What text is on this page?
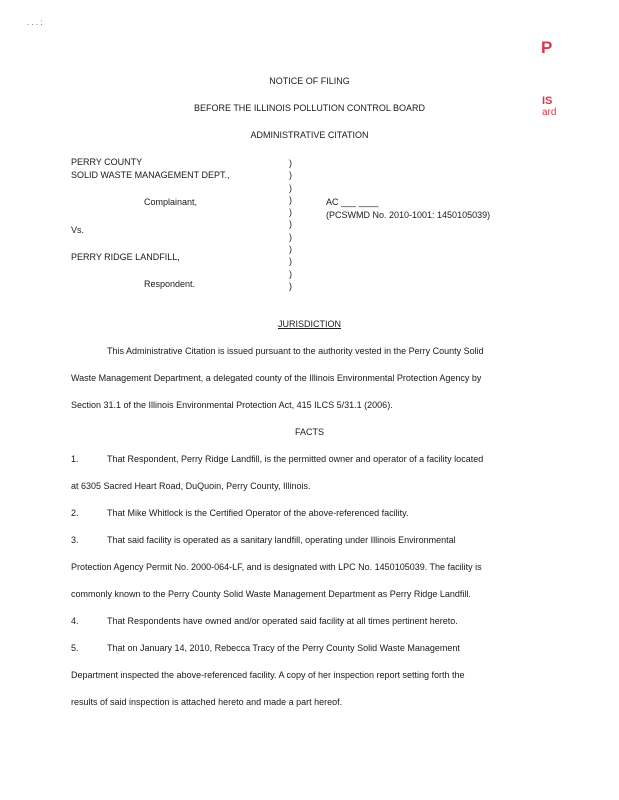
. . . :
P
IS
ard
NOTICE OF FILING
BEFORE THE ILLINOIS POLLUTION CONTROL BOARD
ADMINISTRATIVE CITATION
PERRY COUNTY
SOLID WASTE MANAGEMENT DEPT.,
Complainant,
Vs.
PERRY RIDGE LANDFILL,
Respondent.
)
)
)
)
)
)
)
)
)
)
)
AC ___ ____
(PCSWMD No. 2010-1001: 1450105039)
JURISDICTION
This Administrative Citation is issued pursuant to the authority vested in the Perry County Solid
Waste Management Department, a delegated county of the Illinois Environmental Protection Agency by
Section 31.1 of the Illinois Environmental Protection Act, 415 ILCS 5/31.1 (2006).
FACTS
1.	That Respondent, Perry Ridge Landfill, is the permitted owner and operator of a facility located
at 6305 Sacred Heart Road, DuQuoin, Perry County, Illinois.
2.	That Mike Whitlock is the Certified Operator of the above-referenced facility.
3.	That said facility is operated as a sanitary landfill, operating under Illinois Environmental
Protection Agency Permit No. 2000-064-LF, and is designated with LPC No. 1450105039. The facility is
commonly known to the Perry County Solid Waste Management Department as Perry Ridge Landfill.
4.	That Respondents have owned and/or operated said facility at all times pertinent hereto.
5.	That on January 14, 2010, Rebecca Tracy of the Perry County Solid Waste Management
Department inspected the above-referenced facility. A copy of her inspection report setting forth the
results of said inspection is attached hereto and made a part hereof.
